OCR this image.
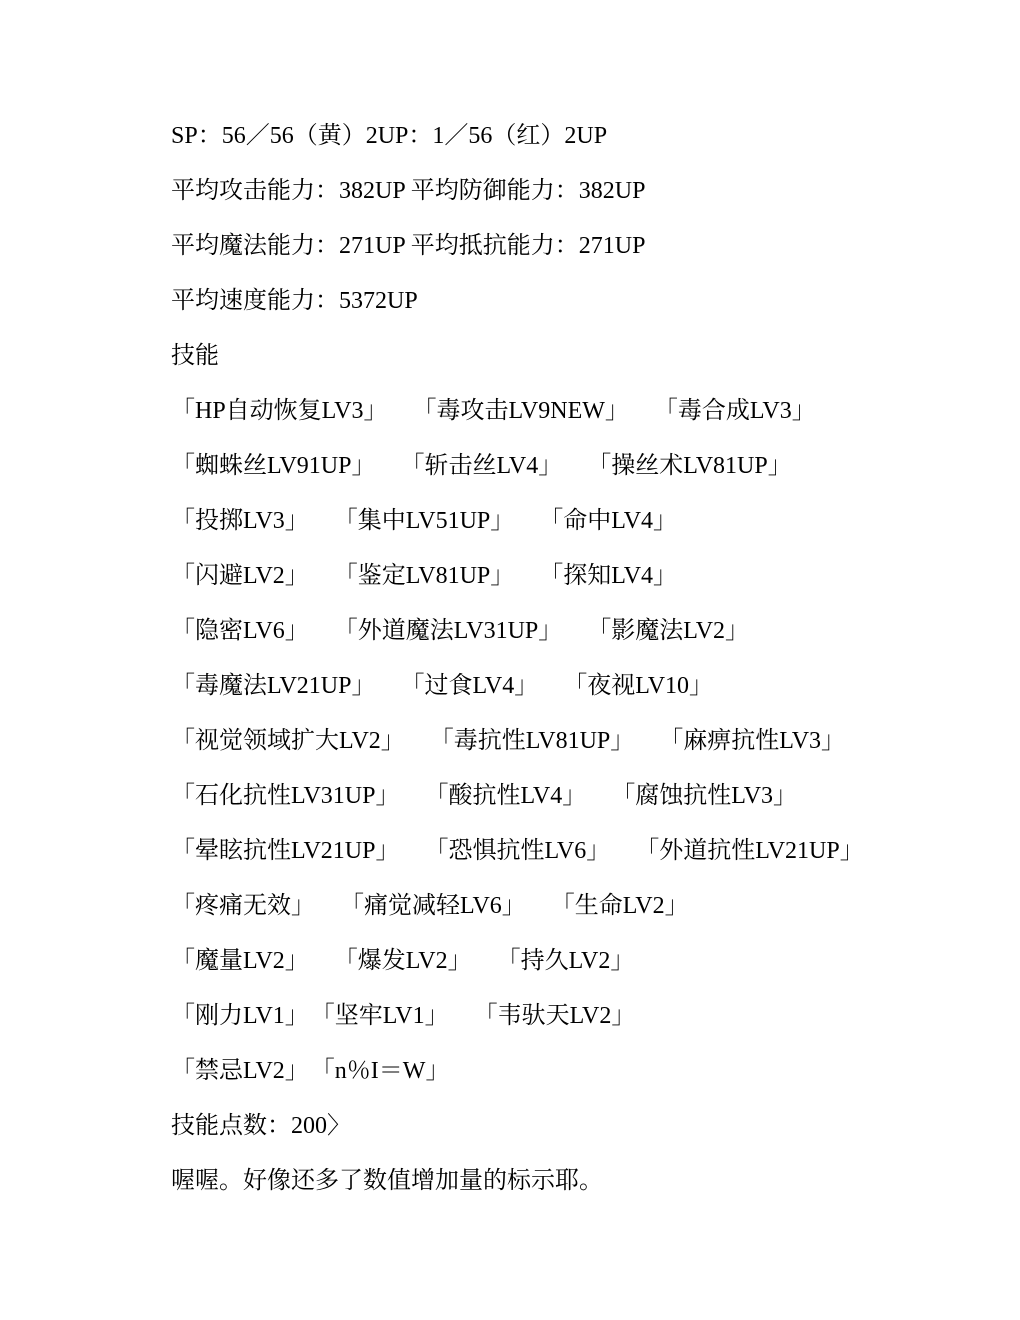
SP：56／56（黄）2UP：1／56（红）2UP
平均攻击能力：382UP 平均防御能力：382UP
平均魔法能力：271UP 平均抵抗能力：271UP
平均速度能力：5372UP
技能
「HP自动恢复LV3」 「毒攻击LV9NEW」 「毒合成LV3」
「蜘蛛丝LV91UP」 「斩击丝LV4」 「操丝术LV81UP」
「投掷LV3」 「集中LV51UP」 「命中LV4」
「闪避LV2」 「鉴定LV81UP」 「探知LV4」
「隐密LV6」 「外道魔法LV31UP」 「影魔法LV2」
「毒魔法LV21UP」 「过食LV4」 「夜视LV10」
「视觉领域扩大LV2」 「毒抗性LV81UP」 「麻痹抗性LV3」
「石化抗性LV31UP」 「酸抗性LV4」 「腐蚀抗性LV3」
「晕眩抗性LV21UP」 「恐惧抗性LV6」 「外道抗性LV21UP」
「疼痛无效」 「痛觉减轻LV6」 「生命LV2」
「魔量LV2」 「爆发LV2」 「持久LV2」
「刚力LV1」「坚牢LV1」 「韦驮天LV2」
「禁忌LV2」「n％I＝W」
技能点数：200〉
喔喔。好像还多了数值增加量的标示耶。
